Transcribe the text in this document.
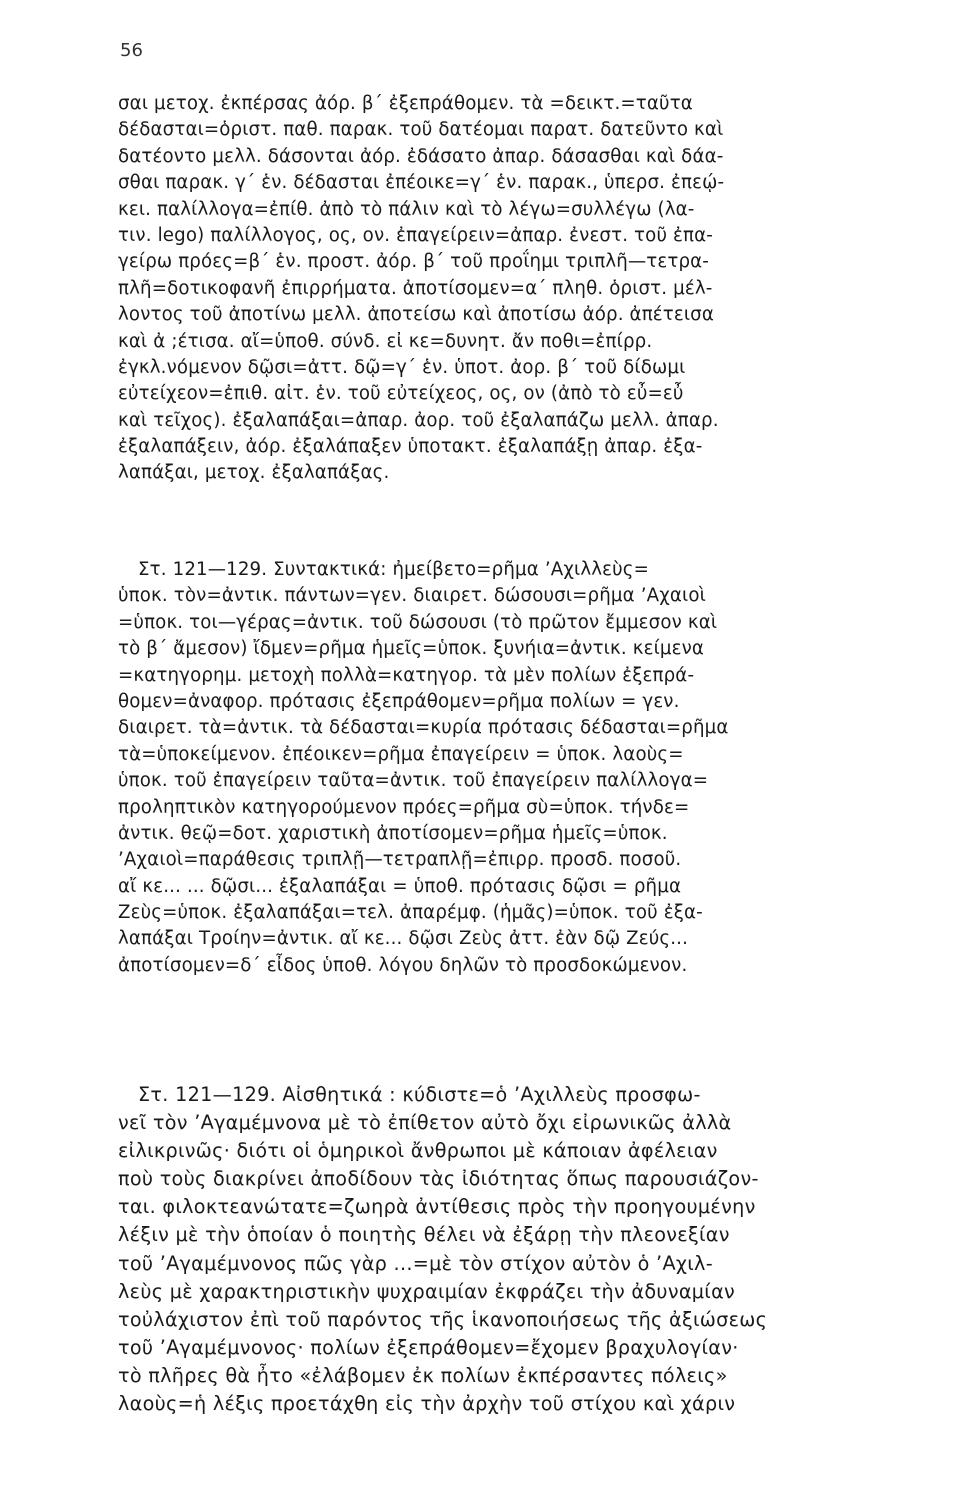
56
σαι μετοχ. ἐκπέρσας ἀόρ. β΄ ἐξεπράθομεν. τὰ =δεικτ.=ταῦτα
δέδασται=ὁριστ. παθ. παρακ. τοῦ δατέομαι παρατ. δατεῦντο καὶ
δατέοντο μελλ. δάσονται ἀόρ. ἐδάσατο ἀπαρ. δάσασθαι καὶ δάα-
σθαι παρακ. γ΄ ἑν. δέδασται ἐπέοικε=γ΄ ἑν. παρακ., ὑπερσ. ἐπεῴ-
κει. παλίλλογα=ἐπίθ. ἀπὸ τὸ πάλιν καὶ τὸ λέγω=συλλέγω (λα-
τιν. lego) παλίλλογος, ος, ον. ἐπαγείρειν=ἀπαρ. ἐνεστ. τοῦ ἐπα-
γείρω πρόες=β΄ ἑν. προστ. ἀόρ. β΄ τοῦ προΐημι τριπλῆ—τετρα-
πλῆ=δοτικοφανῆ ἐπιρρήματα. ἀποτίσομεν=α΄ πληθ. ὁριστ. μέλ-
λοντος τοῦ ἀποτίνω μελλ. ἀποτείσω καὶ ἀποτίσω ἀόρ. ἀπέτεισα
καὶ ἀ ;έτισα. αἴ=ὑποθ. σύνδ. εἰ κε=δυνητ. ἄν ποθι=ἐπίρρ.
ἐγκλ.νόμενον δῷσι=ἀττ. δῷ=γ΄ ἑν. ὑποτ. ἀορ. β΄ τοῦ δίδωμι
εὐτείχεον=ἐπιθ. αἰτ. ἑν. τοῦ εὐτείχεος, ος, ον (ἀπὸ τὸ εὖ=εὖ
καὶ τεῖχος). ἐξαλαπάξαι=ἀπαρ. ἀορ. τοῦ ἐξαλαπάζω μελλ. ἀπαρ.
ἐξαλαπάξειν, ἀόρ. ἐξαλάπαξεν ὑποτακτ. ἐξαλαπάξῃ ἀπαρ. ἐξα-
λαπάξαι, μετοχ. ἐξαλαπάξας.
Στ. 121—129. Συντακτικά: ἠμείβετο=ρῆμα ’Αχιλλεὺς=
ὑποκ. τὸν=ἀντικ. πάντων=γεν. διαιρετ. δώσουσι=ρῆμα ’Αχαιοὶ
=ὑποκ. τοι—γέρας=ἀντικ. τοῦ δώσουσι (τὸ πρῶτον ἔμμεσον καὶ
τὸ β΄ ἄμεσον) ἴδμεν=ρῆμα ἡμεῖς=ὑποκ. ξυνήια=ἀντικ. κείμενα
=κατηγορημ. μετοχὴ πολλὰ=κατηγορ. τὰ μὲν πολίων ἐξεπρά-
θομεν=ἀναφορ. πρότασις ἐξεπράθομεν=ρῆμα πολίων = γεν.
διαιρετ. τὰ=ἀντικ. τὰ δέδασται=κυρία πρότασις δέδασται=ρῆμα
τὰ=ὑποκείμενον. ἐπέοικεν=ρῆμα ἐπαγείρειν = ὑποκ. λαοὺς=
ὑποκ. τοῦ ἐπαγείρειν ταῦτα=ἀντικ. τοῦ ἐπαγείρειν παλίλλογα=
προληπτικὸν κατηγορούμενον πρόες=ρῆμα σὺ=ὑποκ. τήνδε=
ἀντικ. θεῷ=δοτ. χαριστικὴ ἀποτίσομεν=ρῆμα ἡμεῖς=ὑποκ.
’Αχαιοὶ=παράθεσις τριπλῇ—τετραπλῇ=ἐπιρρ. προσδ. ποσοῦ.
αἴ κε... ... δῷσι... ἐξαλαπάξαι = ὑποθ. πρότασις δῷσι = ρῆμα
Ζεὺς=ὑποκ. ἐξαλαπάξαι=τελ. ἀπαρέμφ. (ἡμᾶς)=ὑποκ. τοῦ ἐξα-
λαπάξαι Τροίην=ἀντικ. αἴ κε... δῷσι Ζεὺς ἀττ. ἐὰν δῷ Ζεύς...
ἀποτίσομεν=δ΄ εἶδος ὑποθ. λόγου δηλῶν τὸ προσδοκώμενον.
Στ. 121—129. Αἰσθητικά : κύδιστε=ὁ ’Αχιλλεὺς προσφω-
νεῖ τὸν ’Αγαμέμνονα μὲ τὸ ἐπίθετον αὐτὸ ὄχι εἰρωνικῶς ἀλλὰ
εἰλικρινῶς· διότι οἱ ὁμηρικοὶ ἄνθρωποι μὲ κάποιαν ἀφέλειαν
ποὺ τοὺς διακρίνει ἀποδίδουν τὰς ἰδιότητας ὅπως παρουσιάζον-
ται. φιλοκτεανώτατε=ζωηρὰ ἀντίθεσις πρὸς τὴν προηγουμένην
λέξιν μὲ τὴν ὁποίαν ὁ ποιητὴς θέλει νὰ ἐξάρῃ τὴν πλεονεξίαν
τοῦ ’Αγαμέμνονος πῶς γὰρ ...=μὲ τὸν στίχον αὐτὸν ὁ ’Αχιλ-
λεὺς μὲ χαρακτηριστικὴν ψυχραιμίαν ἐκφράζει τὴν ἀδυναμίαν
τοὐλάχιστον ἐπὶ τοῦ παρόντος τῆς ἱκανοποιήσεως τῆς ἀξιώσεως
τοῦ ’Αγαμέμνονος· πολίων ἐξεπράθομεν=ἔχομεν βραχυλογίαν·
τὸ πλῆρες θὰ ἦτο «ἐλάβομεν ἐκ πολίων ἐκπέρσαντες πόλεις»
λαοὺς=ἡ λέξις προετάχθη εἰς τὴν ἀρχὴν τοῦ στίχου καὶ χάριν
